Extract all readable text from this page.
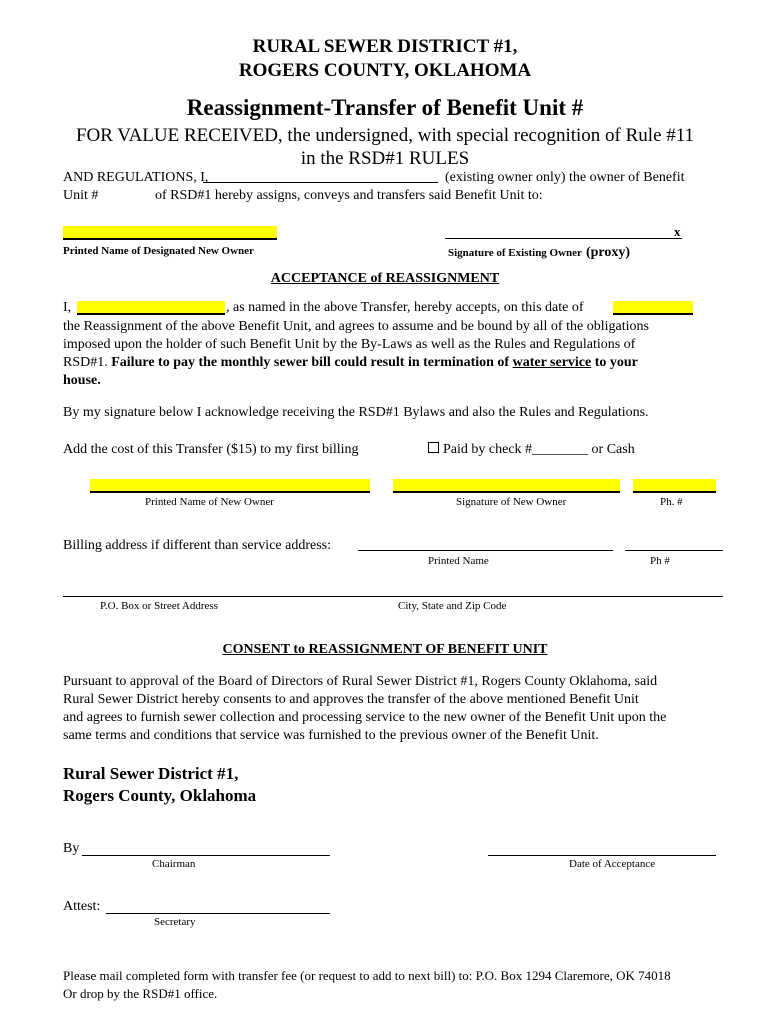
RURAL SEWER DISTRICT #1,
ROGERS COUNTY, OKLAHOMA
Reassignment-Transfer of Benefit Unit #
FOR VALUE RECEIVED, the undersigned, with special recognition of Rule #11
in the RSD#1 RULES
AND REGULATIONS, I,	(existing owner only) the owner of Benefit
Unit #	of RSD#1 hereby assigns, conveys and transfers said Benefit Unit to:
x
Printed Name of Designated New Owner	Signature of Existing Owner (proxy)
ACCEPTANCE of REASSIGNMENT
I,	, as named in the above Transfer, hereby accepts, on this date of
the Reassignment of the above Benefit Unit, and agrees to assume and be bound by all of the obligations
imposed upon the holder of such Benefit Unit by the By-Laws as well as the Rules and Regulations of
RSD#1. Failure to pay the monthly sewer bill could result in termination of water service to your
house.
By my signature below I acknowledge receiving the RSD#1 Bylaws and also the Rules and Regulations.
Add the cost of this Transfer ($15) to my first billing	Paid by check #________ or Cash
Printed Name of New Owner	Signature of New Owner	Ph. #
Billing address if different than service address:
Printed Name	Ph #
P.O. Box or Street Address	City, State and Zip Code
CONSENT to REASSIGNMENT OF BENEFIT UNIT
Pursuant to approval of the Board of Directors of Rural Sewer District #1, Rogers County Oklahoma, said
Rural Sewer District hereby consents to and approves the transfer of the above mentioned Benefit Unit
and agrees to furnish sewer collection and processing service to the new owner of the Benefit Unit upon the
same terms and conditions that service was furnished to the previous owner of the Benefit Unit.
Rural Sewer District #1,
Rogers County, Oklahoma
By
Chairman	Date of Acceptance
Attest:
Secretary
Please mail completed form with transfer fee (or request to add to next bill) to: P.O. Box 1294 Claremore, OK 74018
Or drop by the RSD#1 office.
